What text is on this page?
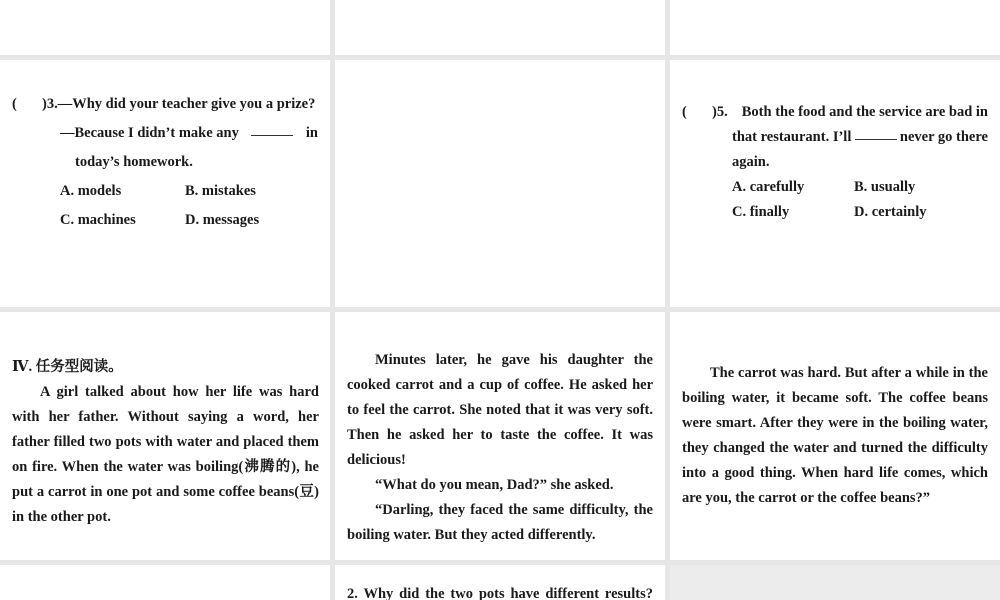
( )3.—Why did your teacher give you a prize?
—Because I didn’t make any	in
today’s homework.
A. models	B. mistakes
C. machines	D. messages
( )5. Both the food and the service are bad in
that restaurant. I’ll	never go there
again.
A. carefully	B. usually
C. finally	D. certainly
Ⅳ. 任务型阅读。
A girl talked about how her life was hard with her father. Without saying a word, her father filled two pots with water and placed them on fire. When the water was boiling(沸腾的), he put a carrot in one pot and some coffee beans(豆) in the other pot.
Minutes later, he gave his daughter the cooked carrot and a cup of coffee. He asked her to feel the carrot. She noted that it was very soft. Then he asked her to taste the coffee. It was delicious!
“What do you mean, Dad?” she asked.
“Darling, they faced the same difficulty, the boiling water. But they acted differently.
The carrot was hard. But after a while in the boiling water, it became soft. The coffee beans were smart. After they were in the boiling water, they changed the water and turned the difficulty into a good thing. When hard life comes, which are you, the carrot or the coffee beans?”
2. Why did the two pots have different results?
